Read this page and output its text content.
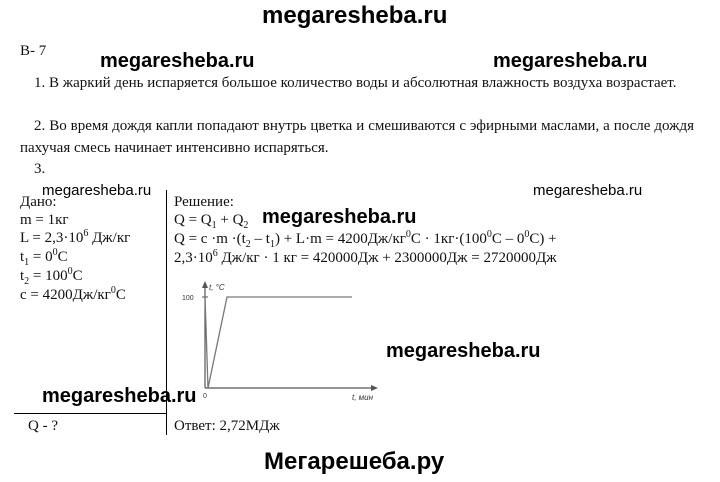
megaresheba.ru
megaresheba.ru	megaresheba.ru
В- 7
1. В жаркий день испаряется большое количество воды и абсолютная влажность воздуха возрастает.
2. Во время дождя капли попадают внутрь цветка и смешиваются с эфирными маслами, а после дождя пахучая смесь начинает интенсивно испаряться.
3.
megaresheba.ru	megaresheba.ru
Дано:
m = 1кг
$L = 2,3\cdot 10^6$ Дж/кг
$t_1 = 0^0C$
$t_2 = 100^0C$
$c = 4200Дж/кг^0C$
Q - ?
Решение:
$Q = Q_1 + Q_2$ megaresheba.ru
$Q = c \cdot m \cdot(t_2 - t_1) + L\cdot m = 4200Дж/кг^0C \cdot 1кг\cdot(100^0C - 0^0C)$ +
$2,3\cdot 10^6$ Дж/кг · 1 кг = 420000Дж + 2300000Дж = 2720000Дж
Ответ: 2,72МДж
t, °C
100
0	t, мин
megaresheba.ru
megaresheba.ru
Мегарешеба.ру
